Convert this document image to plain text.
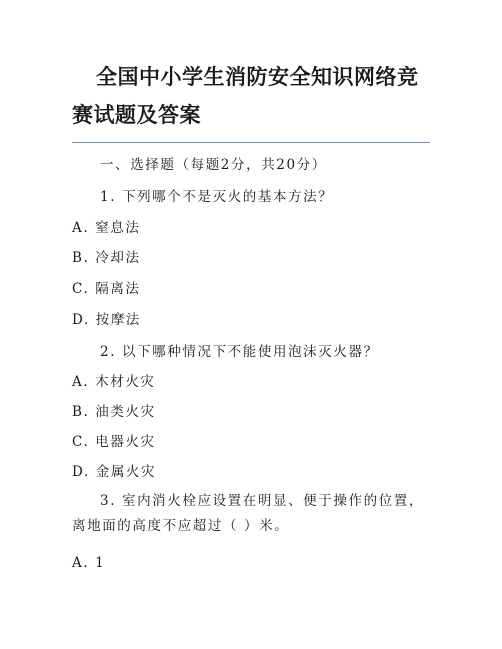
全国中小学生消防安全知识网络竞赛试题及答案

一、选择题（每题2分，共20分）

1. 下列哪个不是灭火的基本方法？

A. 窒息法

B. 冷却法

C. 隔离法

D. 按摩法

2. 以下哪种情况下不能使用泡沫灭火器？

A. 木材火灾

B. 油类火灾

C. 电器火灾

D. 金属火灾

3. 室内消火栓应设置在明显、便于操作的位置，离地面的高度不应超过（ ）米。

A. 1
